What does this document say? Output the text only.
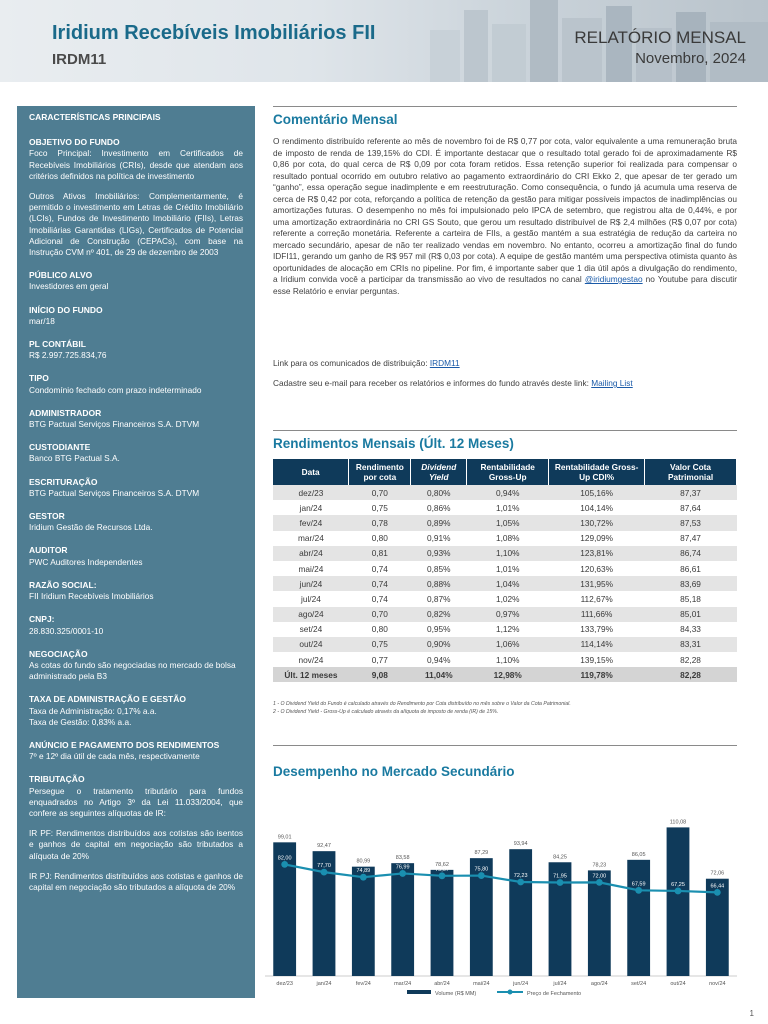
Iridium Recebíveis Imobiliários FII
IRDM11
RELATÓRIO MENSAL
Novembro, 2024
CARACTERÍSTICAS PRINCIPAIS
OBJETIVO DO FUNDO
Foco Principal: Investimento em Certificados de Recebíveis Imobiliários (CRIs), desde que atendam aos critérios definidos na política de investimento
Outros Ativos Imobiliários: Complementarmente, é permitido o investimento em Letras de Crédito Imobiliário (LCIs), Fundos de Investimento Imobiliário (FIIs), Letras Imobiliárias Garantidas (LIGs), Certificados de Potencial Adicional de Construção (CEPACs), com base na Instrução CVM nº 401, de 29 de dezembro de 2003
PÚBLICO ALVO
Investidores em geral
INÍCIO DO FUNDO
mar/18
PL CONTÁBIL
R$ 2.997.725.834,76
TIPO
Condomínio fechado com prazo indeterminado
ADMINISTRADOR
BTG Pactual Serviços Financeiros S.A. DTVM
CUSTODIANTE
Banco BTG Pactual S.A.
ESCRITURAÇÃO
BTG Pactual Serviços Financeiros S.A. DTVM
GESTOR
Iridium Gestão de Recursos Ltda.
AUDITOR
PWC Auditores Independentes
RAZÃO SOCIAL:
FII Iridium Recebíveis Imobiliários
CNPJ:
28.830.325/0001-10
NEGOCIAÇÃO
As cotas do fundo são negociadas no mercado de bolsa administrado pela B3
TAXA DE ADMINISTRAÇÃO E GESTÃO
Taxa de Administração: 0,17% a.a.
Taxa de Gestão: 0,83% a.a.
ANÚNCIO E PAGAMENTO DOS RENDIMENTOS
7º e 12º dia útil de cada mês, respectivamente
TRIBUTAÇÃO
Persegue o tratamento tributário para fundos enquadrados no Artigo 3º da Lei 11.033/2004, que confere as seguintes alíquotas de IR:
IR PF: Rendimentos distribuídos aos cotistas são isentos e ganhos de capital em negociação são tributados a alíquota de 20%
IR PJ: Rendimentos distribuídos aos cotistas e ganhos de capital em negociação são tributados a alíquota de 20%
Comentário Mensal
O rendimento distribuído referente ao mês de novembro foi de R$ 0,77 por cota, valor equivalente a uma remuneração bruta de imposto de renda de 139,15% do CDI. É importante destacar que o resultado total gerado foi de aproximadamente R$ 0,86 por cota, do qual cerca de R$ 0,09 por cota foram retidos. Essa retenção superior foi realizada para compensar o resultado pontual ocorrido em outubro relativo ao pagamento extraordinário do CRI Ekko 2, que apesar de ter gerado um “ganho”, essa operação segue inadimplente e em reestruturação. Como consequência, o fundo já acumula uma reserva de cerca de R$ 0,42 por cota, reforçando a política de retenção da gestão para mitigar possíveis impactos de inadimplências ou amortizações futuras. O desempenho no mês foi impulsionado pelo IPCA de setembro, que registrou alta de 0,44%, e por uma amortização extraordinária no CRI GS Souto, que gerou um resultado distribuível de R$ 2,4 milhões (R$ 0,07 por cota) referente a correção monetária. Referente a carteira de FIIs, a gestão mantém a sua estratégia de redução da carteira no mercado secundário, apesar de não ter realizado vendas em novembro. No entanto, ocorreu a amortização final do fundo IDFI11, gerando um ganho de R$ 957 mil (R$ 0,03 por cota). A equipe de gestão mantém uma perspectiva otimista quanto às oportunidades de alocação em CRIs no pipeline. Por fim, é importante saber que 1 dia útil após a divulgação do rendimento, a Iridium convida você a participar da transmissão ao vivo de resultados no canal @iridiumgestao no Youtube para discutir esse Relatório e enviar perguntas.
Link para os comunicados de distribuição: IRDM11
Cadastre seu e-mail para receber os relatórios e informes do fundo através deste link: Mailing List
Rendimentos Mensais (Últ. 12 Meses)
Data	Rendimento por cota	Dividend Yield	Rentabilidade Gross-Up	Rentabilidade Gross-Up CDI%	Valor Cota Patrimonial
dez/23	0,70	0,80%	0,94%	105,16%	87,37
jan/24	0,75	0,86%	1,01%	104,14%	87,64
fev/24	0,78	0,89%	1,05%	130,72%	87,53
mar/24	0,80	0,91%	1,08%	129,09%	87,47
abr/24	0,81	0,93%	1,10%	123,81%	86,74
mai/24	0,74	0,85%	1,01%	120,63%	86,61
jun/24	0,74	0,88%	1,04%	131,95%	83,69
jul/24	0,74	0,87%	1,02%	112,67%	85,18
ago/24	0,70	0,82%	0,97%	111,66%	85,01
set/24	0,80	0,95%	1,12%	133,79%	84,33
out/24	0,75	0,90%	1,06%	114,14%	83,31
nov/24	0,77	0,94%	1,10%	139,15%	82,28
Últ. 12 meses	9,08	11,04%	12,98%	119,78%	82,28
1 - O Dividend Yield do Fundo é calculado através do Rendimento por Cota distribuído no mês sobre o Valor da Cota Patrimonial.
2 - O Dividend Yield - Gross-Up é calculado através da alíquota de imposto de renda (IR) de 15%.
Desempenho no Mercado Secundário
99,01
dez/23
92,47
jan/24
80,99
fev/24
83,58
mar/24
78,62
abr/24
87,29
mai/24
93,94
jun/24
84,25
jul/24
78,23
ago/24
86,05
set/24
110,08
out/24
72,06
nov/24
82,00
77,70
74,89
76,99	75,67	75,80
72,23	71,95	72,00
67,59	67,25	66,44
Volume (R$ MM)	Preço de Fechamento
1
